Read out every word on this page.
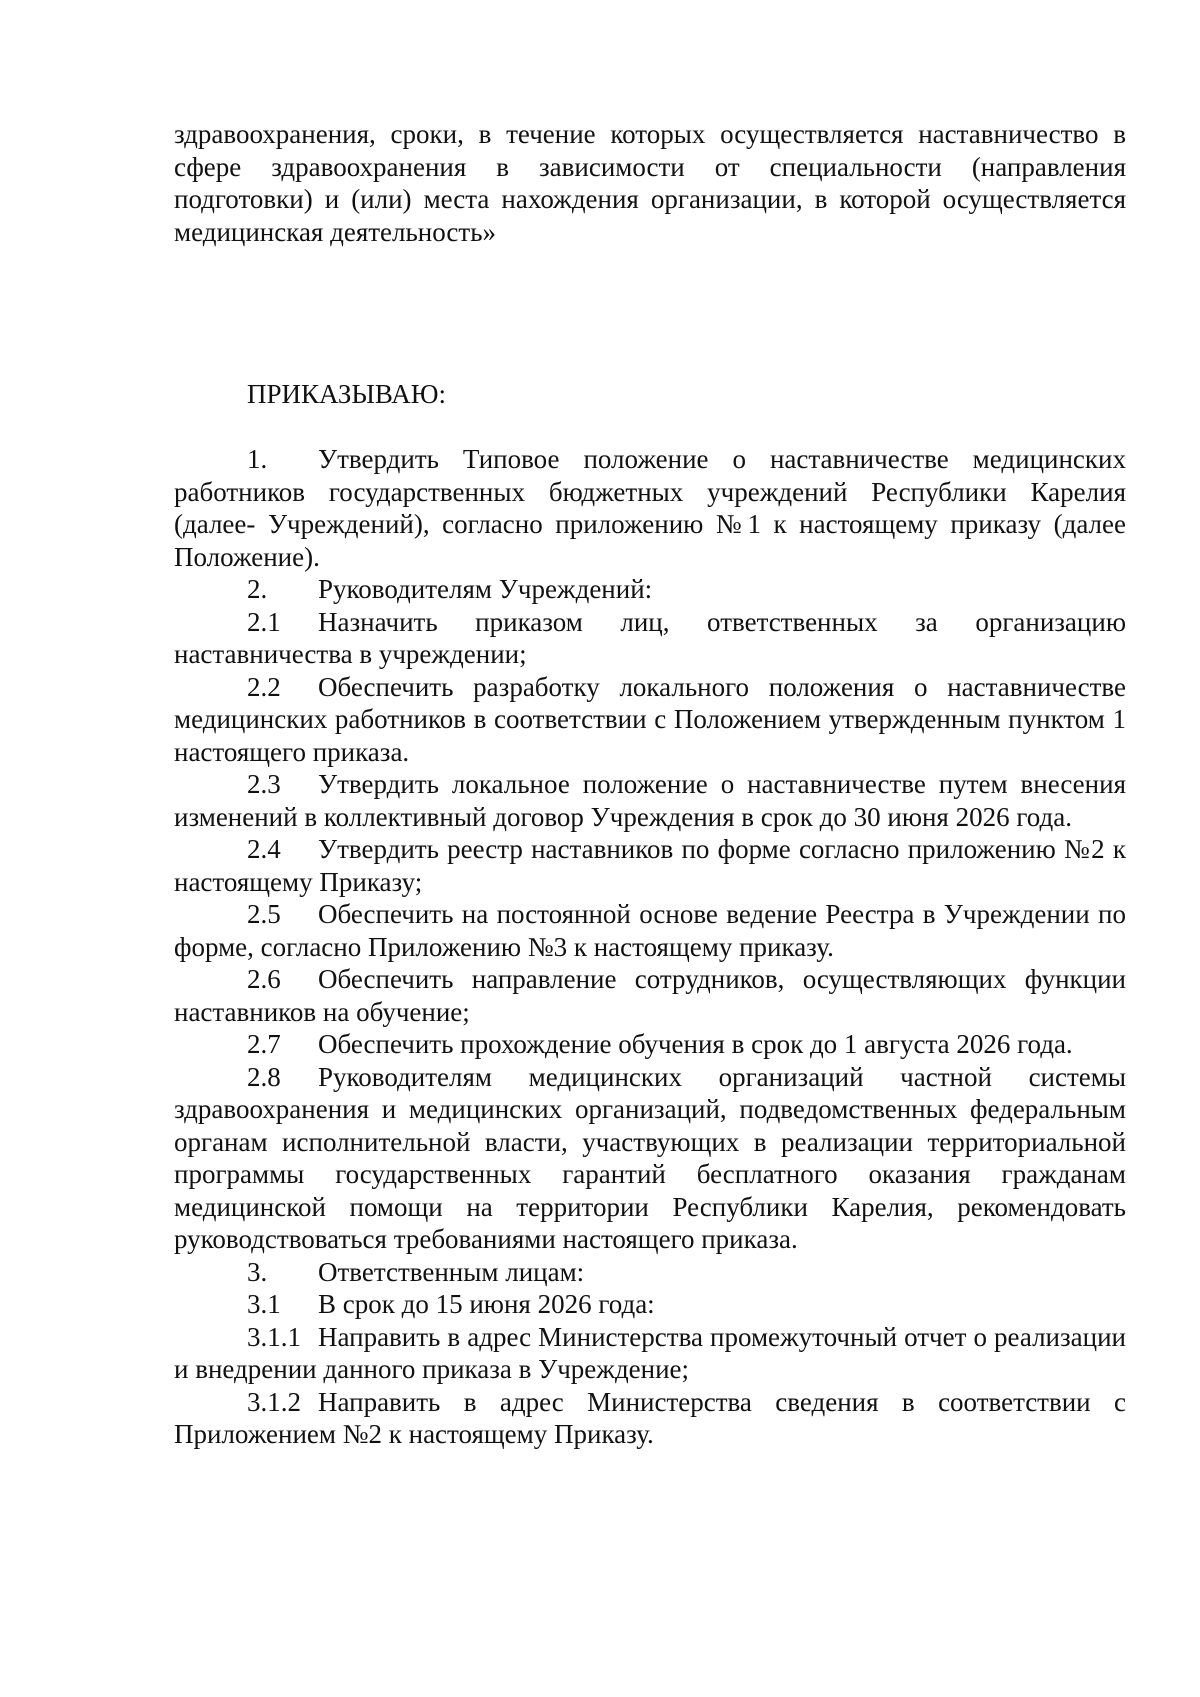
здравоохранения, сроки, в течение которых осуществляется наставничество в сфере здравоохранения в зависимости от специальности (направления подготовки) и (или) места нахождения организации, в которой осуществляется медицинская деятельность»

ПРИКАЗЫВАЮ:

1. Утвердить Типовое положение о наставничестве медицинских работников государственных бюджетных учреждений Республики Карелия (далее- Учреждений), согласно приложению №1 к настоящему приказу (далее Положение).

2. Руководителям Учреждений:

2.1 Назначить приказом лиц, ответственных за организацию наставничества в учреждении;

2.2 Обеспечить разработку локального положения о наставничестве медицинских работников в соответствии с Положением утвержденным пунктом 1 настоящего приказа.

2.3 Утвердить локальное положение о наставничестве путем внесения изменений в коллективный договор Учреждения в срок до 30 июня 2026 года.

2.4 Утвердить реестр наставников по форме согласно приложению №2 к настоящему Приказу;

2.5 Обеспечить на постоянной основе ведение Реестра в Учреждении по форме, согласно Приложению №3 к настоящему приказу.

2.6 Обеспечить направление сотрудников, осуществляющих функции наставников на обучение;

2.7 Обеспечить прохождение обучения в срок до 1 августа 2026 года.

2.8 Руководителям медицинских организаций частной системы здравоохранения и медицинских организаций, подведомственных федеральным органам исполнительной власти, участвующих в реализации территориальной программы государственных гарантий бесплатного оказания гражданам медицинской помощи на территории Республики Карелия, рекомендовать руководствоваться требованиями настоящего приказа.

3. Ответственным лицам:

3.1 В срок до 15 июня 2026 года:

3.1.1 Направить в адрес Министерства промежуточный отчет о реализации и внедрении данного приказа в Учреждение;

3.1.2 Направить в адрес Министерства сведения в соответствии с Приложением №2 к настоящему Приказу.
